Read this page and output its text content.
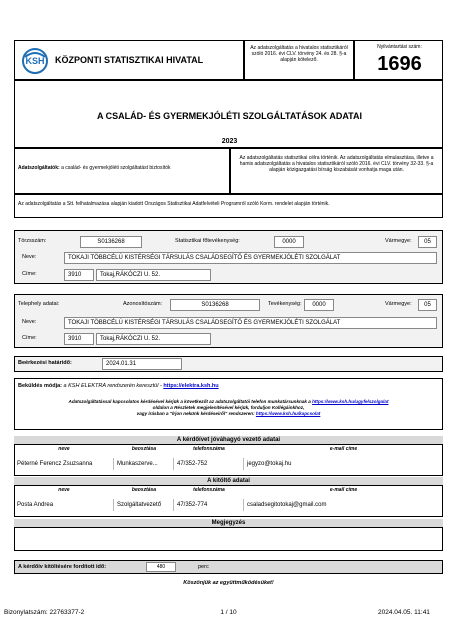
KSH	KÖZPONTI STATISZTIKAI HIVATAL
Az adatszolgáltatás a hivatalos statisztikáról szóló 2016. évi CLV. törvény 24. és 28. §-a alapján kötelező.
Nyilvántartási szám:
1696
A CSALÁD- ÉS GYERMEKJÓLÉTI SZOLGÁLTATÁSOK ADATAI
2023
Adatszolgáltatók: a család- és gyermekjóléti szolgáltatást biztosítók
Az adatszolgáltatás statisztikai célra történik. Az adatszolgáltatás elmulasztása, illetve a hamis adatszolgáltatás a hivatalos statisztikáról szóló 2016. évi CLV. törvény 32-33. §-a alapján közigazgatási bírság kiszabását vonhatja maga után.
Az adatszolgáltatás a Stt. felhatalmazása alapján kiadott Országos Statisztikai Adatfelvételi Programról szóló Korm. rendelet alapján történik.
Törzsszám:	S0136268	Statisztikai főtevékenység:	0000	Vármegye:	05
Neve:	TOKAJI TÖBBCÉLÚ KISTÉRSÉGI TÁRSULÁS CSALÁDSEGÍTŐ ÉS GYERMEKJÓLÉTI SZOLGÁLAT
Címe:	3910	Tokaj,RÁKÓCZI U. 52.
Telephely adatai:	Azonosítószám:	S0136268	Tevékenység:	0000	Vármegye:	05
Neve:	TOKAJI TÖBBCÉLÚ KISTÉRSÉGI TÁRSULÁS CSALÁDSEGÍTŐ ÉS GYERMEKJÓLÉTI SZOLGÁLAT
Címe:	3910	Tokaj,RÁKÓCZI U. 52.
Beérkezési határidő:	2024.01.31
Beküldés módja: a KSH ELEKTRA rendszerén keresztül - https://elektra.ksh.hu
Adatszolgáltatással kapcsolatos kérdésével kérjük a következőt az adatszolgáltatói telefon munkatársunknak a https://www.ksh.hu/ugyfelszolgalat
oldalon a Részletek megjelenítésével kérjük, forduljon Kollégáinkhoz,
vagy írásban a "Írjon nekünk kérdéseiről" rendszeren: https://www.ksh.hu/kapcsolat
A kérdőívet jóváhagyó vezető adatai
neve	beosztása	telefonszáma	e-mail címe
Péterné Ferencz Zsuzsanna	Munkaszerve...	47/352-752	jegyzo@tokaj.hu
A kitöltő adatai
neve	beosztása	telefonszáma	e-mail címe
Posta Andrea	Szolgáltatvezető	47/352-774	csaladsegitotokaj@gmail.com
Megjegyzés
A kérdőív kitöltésére fordított idő:	480	perc
Köszönjük az együttműködésüket!
Bizonylatszám: 22763377-2	1 / 10	2024.04.05. 11:41
